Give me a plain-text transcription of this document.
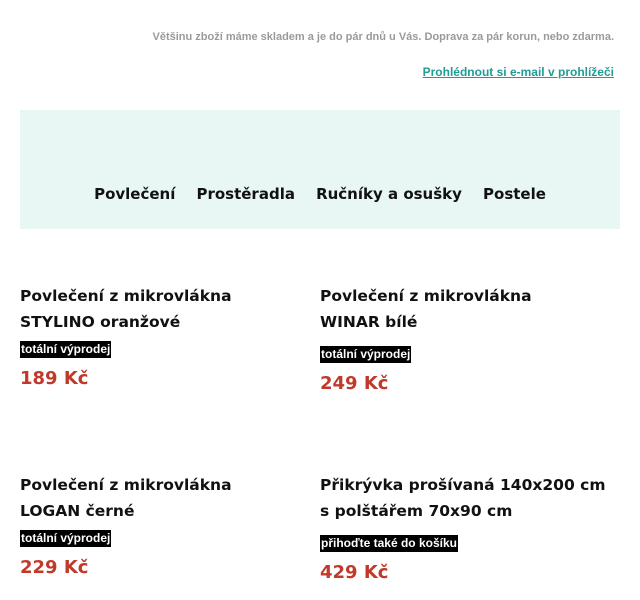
Většinu zboží máme skladem a je do pár dnů u Vás. Doprava za pár korun, nebo zdarma.
Prohlédnout si e-mail v prohlížeči
Povlečení Prostěradla Ručníky a osušky Postele

Povlečení z mikrovlákna
STYLINO oranžové

totální výprodej
189 Kč

Povlečení z mikrovlákna
WINAR bílé

totální výprodej
249 Kč

Povlečení z mikrovlákna
LOGAN černé

totální výprodej
229 Kč

Přikrývka prošívaná 140x200 cm
s polštářem 70x90 cm

přihoďte také do košíku
429 Kč
